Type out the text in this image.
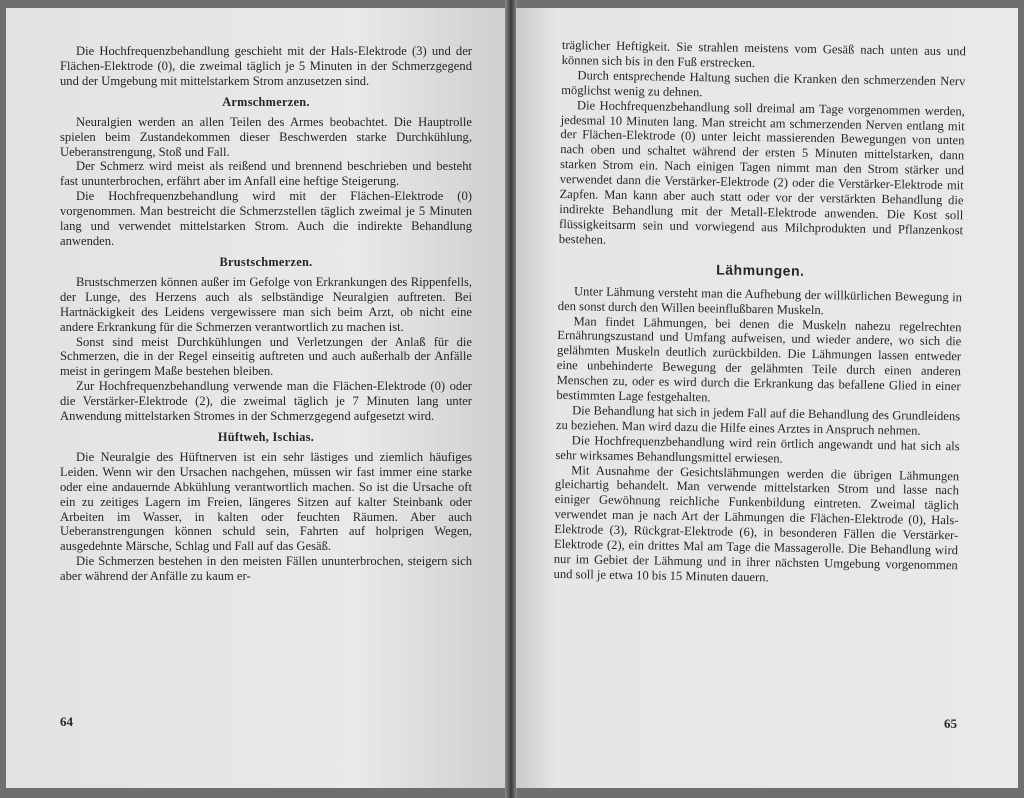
Die Hochfrequenzbehandlung geschieht mit der Hals-Elektrode (3) und der Flächen-Elektrode (0), die zweimal täglich je 5 Minuten in der Schmerzgegend und der Umgebung mit mittelstarkem Strom anzusetzen sind.

Armschmerzen.

Neuralgien werden an allen Teilen des Armes beobachtet. Die Hauptrolle spielen beim Zustandekommen dieser Beschwerden starke Durchkühlung, Ueberanstrengung, Stoß und Fall.

Der Schmerz wird meist als reißend und brennend beschrieben und besteht fast ununterbrochen, erfährt aber im Anfall eine heftige Steigerung.

Die Hochfrequenzbehandlung wird mit der Flächen-Elektrode (0) vorgenommen. Man bestreicht die Schmerzstellen täglich zweimal je 5 Minuten lang und verwendet mittelstarken Strom. Auch die indirekte Behandlung anwenden.

Brustschmerzen.

Brustschmerzen können außer im Gefolge von Erkrankungen des Rippenfells, der Lunge, des Herzens auch als selbständige Neuralgien auftreten. Bei Hartnäckigkeit des Leidens vergewissere man sich beim Arzt, ob nicht eine andere Erkrankung für die Schmerzen verantwortlich zu machen ist.

Sonst sind meist Durchkühlungen und Verletzungen der Anlaß für die Schmerzen, die in der Regel einseitig auftreten und auch außerhalb der Anfälle meist in geringem Maße bestehen bleiben.

Zur Hochfrequenzbehandlung verwende man die Flächen-Elektrode (0) oder die Verstärker-Elektrode (2), die zweimal täglich je 7 Minuten lang unter Anwendung mittelstarken Stromes in der Schmerzgegend aufgesetzt wird.

Hüftweh, Ischias.

Die Neuralgie des Hüftnerven ist ein sehr lästiges und ziemlich häufiges Leiden. Wenn wir den Ursachen nachgehen, müssen wir fast immer eine starke oder eine andauernde Abkühlung verantwortlich machen. So ist die Ursache oft ein zu zeitiges Lagern im Freien, längeres Sitzen auf kalter Steinbank oder Arbeiten im Wasser, in kalten oder feuchten Räumen. Aber auch Ueberanstrengungen können schuld sein, Fahrten auf holprigen Wegen, ausgedehnte Märsche, Schlag und Fall auf das Gesäß.

Die Schmerzen bestehen in den meisten Fällen ununterbrochen, steigern sich aber während der Anfälle zu kaum er-

64

träglicher Heftigkeit. Sie strahlen meistens vom Gesäß nach unten aus und können sich bis in den Fuß erstrecken.

Durch entsprechende Haltung suchen die Kranken den schmerzenden Nerv möglichst wenig zu dehnen.

Die Hochfrequenzbehandlung soll dreimal am Tage vorgenommen werden, jedesmal 10 Minuten lang. Man streicht am schmerzenden Nerven entlang mit der Flächen-Elektrode (0) unter leicht massierenden Bewegungen von unten nach oben und schaltet während der ersten 5 Minuten mittelstarken, dann starken Strom ein. Nach einigen Tagen nimmt man den Strom stärker und verwendet dann die Verstärker-Elektrode (2) oder die Verstärker-Elektrode mit Zapfen. Man kann aber auch statt oder vor der verstärkten Behandlung die indirekte Behandlung mit der Metall-Elektrode anwenden. Die Kost soll flüssigkeitsarm sein und vorwiegend aus Milchprodukten und Pflanzenkost bestehen.

Lähmungen.

Unter Lähmung versteht man die Aufhebung der willkürlichen Bewegung in den sonst durch den Willen beeinflußbaren Muskeln.

Man findet Lähmungen, bei denen die Muskeln nahezu regelrechten Ernährungszustand und Umfang aufweisen, und wieder andere, wo sich die gelähmten Muskeln deutlich zurückbilden. Die Lähmungen lassen entweder eine unbehinderte Bewegung der gelähmten Teile durch einen anderen Menschen zu, oder es wird durch die Erkrankung das befallene Glied in einer bestimmten Lage festgehalten.

Die Behandlung hat sich in jedem Fall auf die Behandlung des Grundleidens zu beziehen. Man wird dazu die Hilfe eines Arztes in Anspruch nehmen.

Die Hochfrequenzbehandlung wird rein örtlich angewandt und hat sich als sehr wirksames Behandlungsmittel erwiesen.

Mit Ausnahme der Gesichtslähmungen werden die übrigen Lähmungen gleichartig behandelt. Man verwende mittelstarken Strom und lasse nach einiger Gewöhnung reichliche Funkenbildung eintreten. Zweimal täglich verwendet man je nach Art der Lähmungen die Flächen-Elektrode (0), Hals-Elektrode (3), Rückgrat-Elektrode (6), in besonderen Fällen die Verstärker-Elektrode (2), ein drittes Mal am Tage die Massagerolle. Die Behandlung wird nur im Gebiet der Lähmung und in ihrer nächsten Umgebung vorgenommen und soll je etwa 10 bis 15 Minuten dauern.

65
